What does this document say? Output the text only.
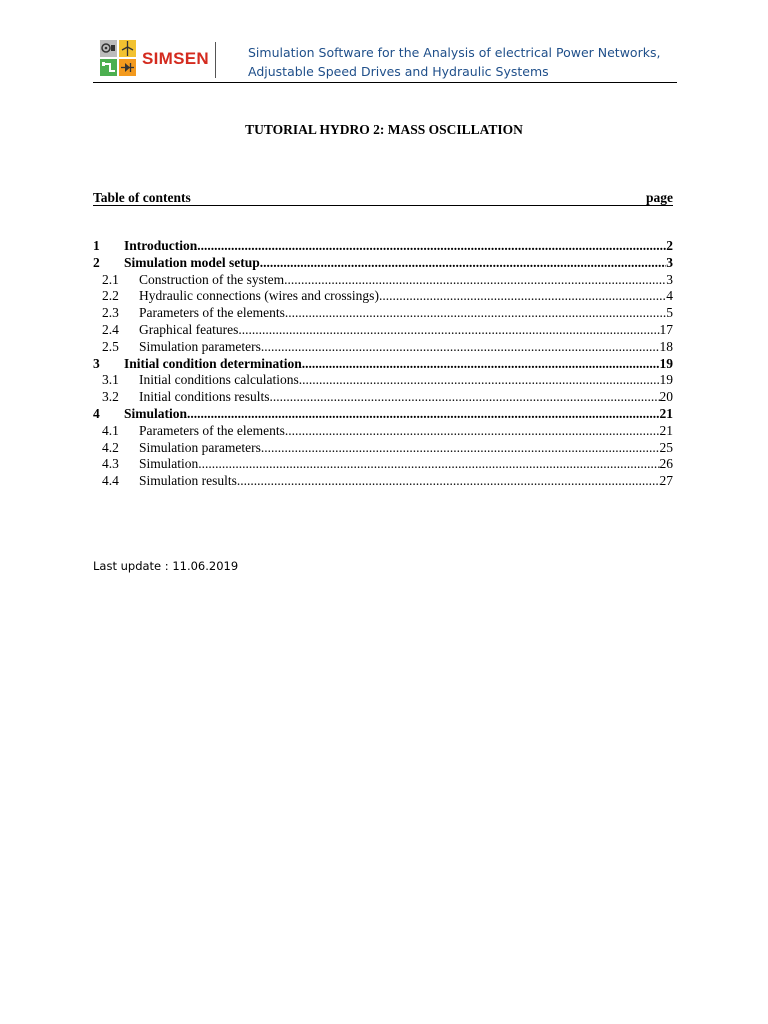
SIMSEN	Simulation Software for the Analysis of electrical Power Networks,
Adjustable Speed Drives and Hydraulic Systems
TUTORIAL HYDRO 2: MASS OSCILLATION
Table of contents	page
1	Introduction .....	2
2	Simulation model setup .....	3
2.1	Construction of the system .....	3
2.2	Hydraulic connections (wires and crossings) .....	4
2.3	Parameters of the elements .....	5
2.4	Graphical features .....	17
2.5	Simulation parameters .....	18
3	Initial condition determination .....	19
3.1	Initial conditions calculations .....	19
3.2	Initial conditions results .....	20
4	Simulation .....	21
4.1	Parameters of the elements .....	21
4.2	Simulation parameters .....	25
4.3	Simulation .....	26
4.4	Simulation results .....	27
Last update : 11.06.2019
